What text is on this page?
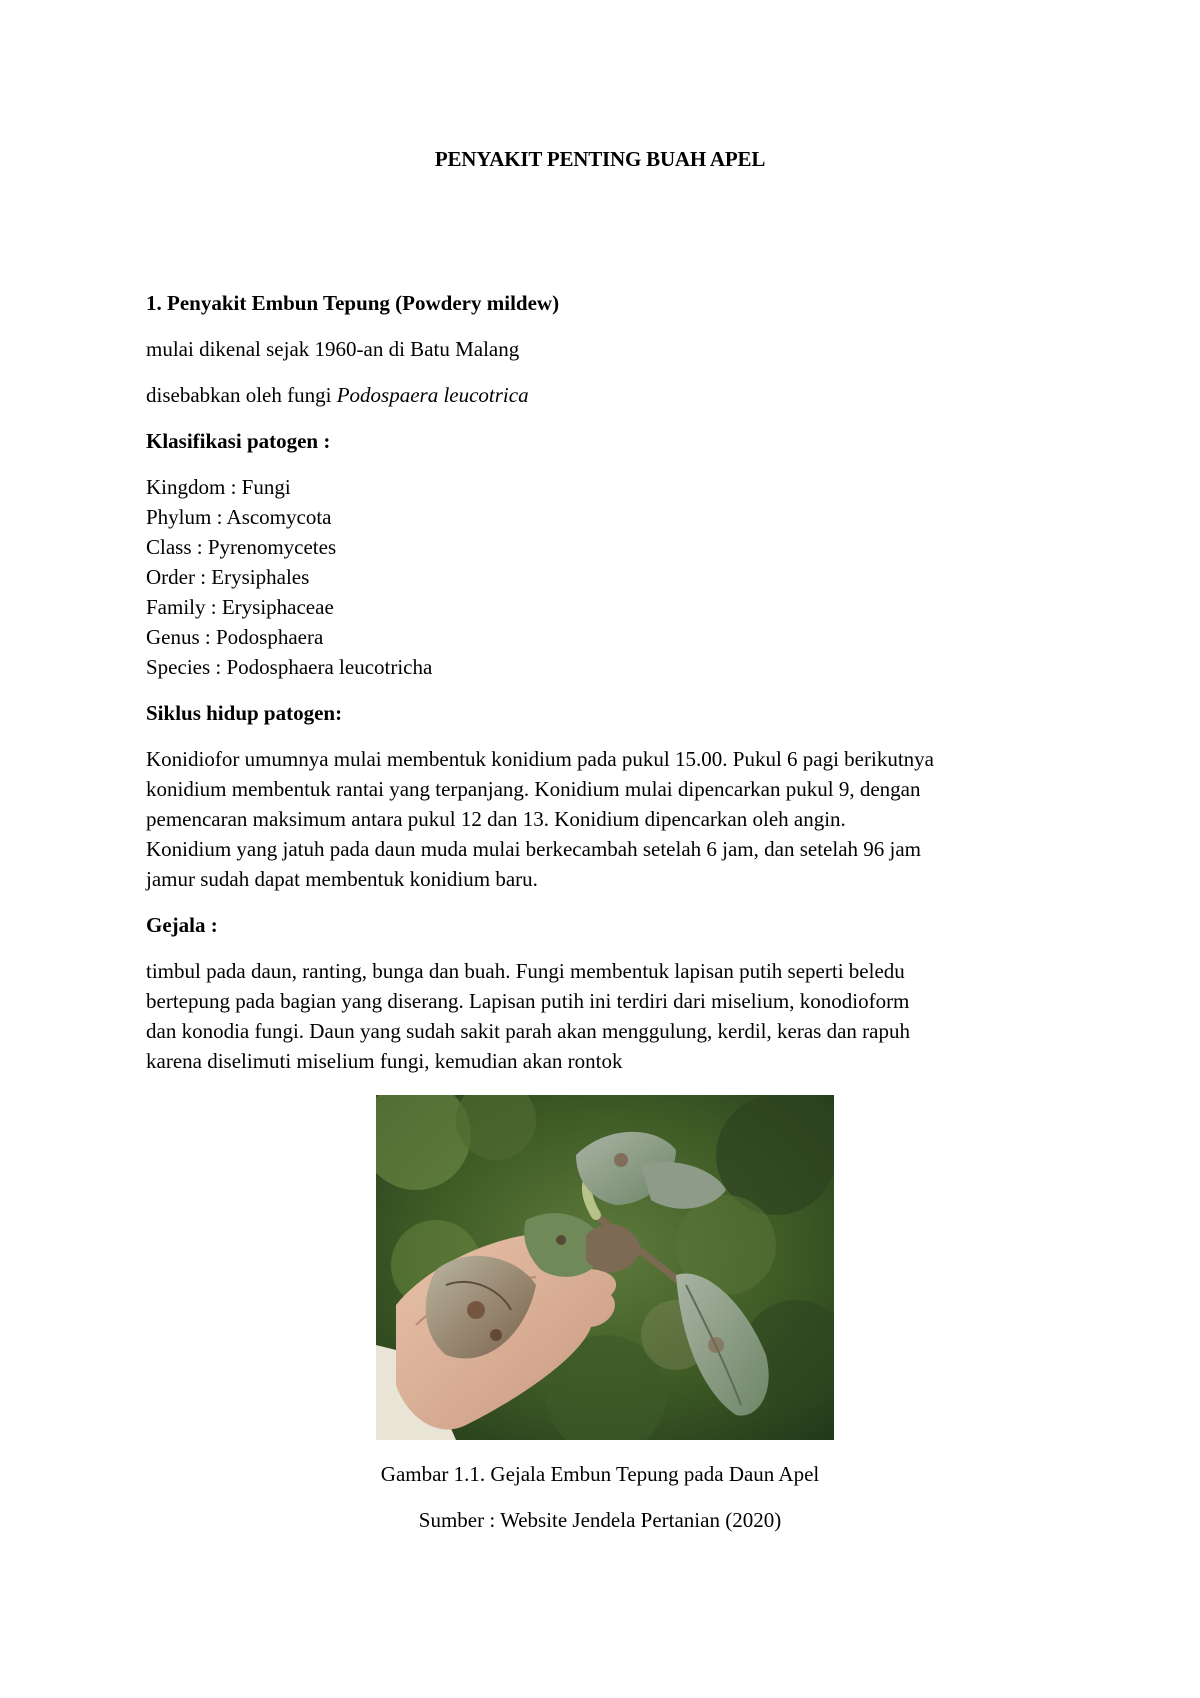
PENYAKIT PENTING BUAH APEL

1. Penyakit Embun Tepung (Powdery mildew)

mulai dikenal sejak 1960-an di Batu Malang

disebabkan oleh fungi Podospaera leucotrica

Klasifikasi patogen :

Kingdom : Fungi
Phylum : Ascomycota
Class : Pyrenomycetes
Order : Erysiphales
Family : Erysiphaceae
Genus : Podosphaera
Species : Podosphaera leucotricha

Siklus hidup patogen:

Konidiofor umumnya mulai membentuk konidium pada pukul 15.00. Pukul 6 pagi berikutnya
konidium membentuk rantai yang terpanjang. Konidium mulai dipencarkan pukul 9, dengan
pemencaran maksimum antara pukul 12 dan 13. Konidium dipencarkan oleh angin.
Konidium yang jatuh pada daun muda mulai berkecambah setelah 6 jam, dan setelah 96 jam
jamur sudah dapat membentuk konidium baru.

Gejala :

timbul pada daun, ranting, bunga dan buah. Fungi membentuk lapisan putih seperti beledu
bertepung pada bagian yang diserang. Lapisan putih ini terdiri dari miselium, konodioform
dan konodia fungi. Daun yang sudah sakit parah akan menggulung, kerdil, keras dan rapuh
karena diselimuti miselium fungi, kemudian akan rontok
Gambar 1.1. Gejala Embun Tepung pada Daun Apel
Sumber : Website Jendela Pertanian (2020)
